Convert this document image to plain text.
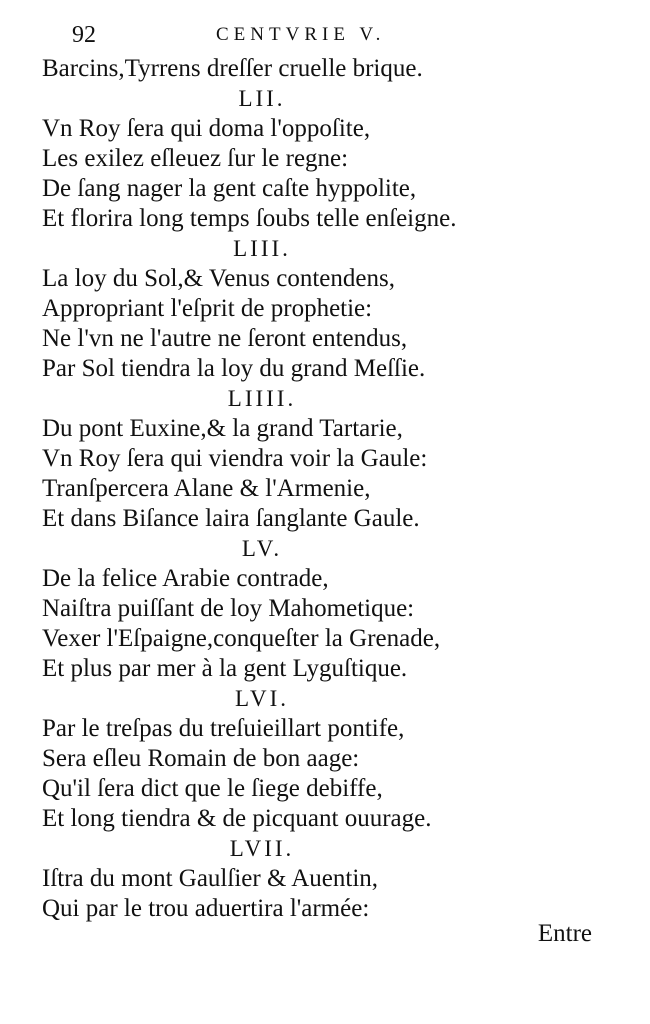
92	CENTVRIE V.
Barcins,Tyrrens dreſſer cruelle brique.
LII.
Vn Roy ſera qui doma l'oppoſite,
Les exilez eſleuez ſur le regne:
De ſang nager la gent caſte hyppolite,
Et florira long temps ſoubs telle enſeigne.
LIII.
La loy du Sol,& Venus contendens,
Appropriant l'eſprit de prophetie:
Ne l'vn ne l'autre ne ſeront entendus,
Par Sol tiendra la loy du grand Meſſie.
LIIII.
Du pont Euxine,& la grand Tartarie,
Vn Roy ſera qui viendra voir la Gaule:
Tranſpercera Alane & l'Armenie,
Et dans Biſance laira ſanglante Gaule.
LV.
De la felice Arabie contrade,
Naiſtra puiſſant de loy Mahometique:
Vexer l'Eſpaigne,conqueſter la Grenade,
Et plus par mer à la gent Lyguſtique.
LVI.
Par le treſpas du treſuieillart pontife,
Sera eſleu Romain de bon aage:
Qu'il ſera dict que le ſiege debiffe,
Et long tiendra & de picquant ouurage.
LVII.
Iſtra du mont Gaulſier & Auentin,
Qui par le trou aduertira l'armée:
Entre
